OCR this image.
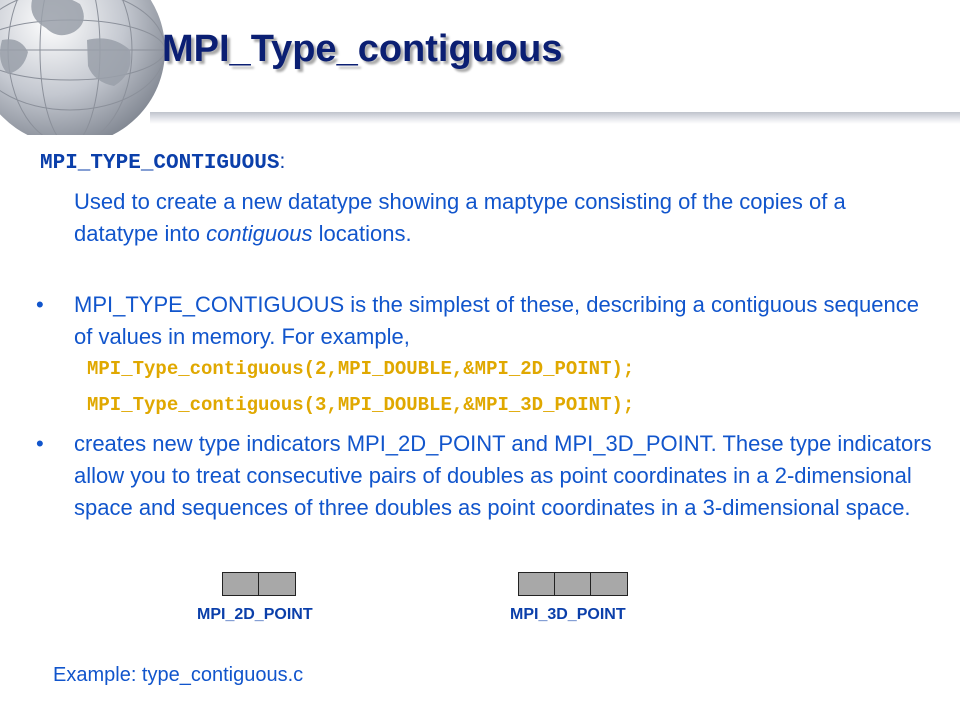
MPI_Type_contiguous
MPI_TYPE_CONTIGUOUS:
Used to create a new datatype showing a maptype consisting of the copies of a datatype into contiguous locations.
• MPI_TYPE_CONTIGUOUS is the simplest of these, describing a contiguous sequence of values in memory. For example,
MPI_Type_contiguous(2,MPI_DOUBLE,&MPI_2D_POINT);
MPI_Type_contiguous(3,MPI_DOUBLE,&MPI_3D_POINT);
• creates new type indicators MPI_2D_POINT and MPI_3D_POINT. These type indicators allow you to treat consecutive pairs of doubles as point coordinates in a 2-dimensional space and sequences of three doubles as point coordinates in a 3-dimensional space.
MPI_2D_POINT	MPI_3D_POINT
Example: type_contiguous.c
